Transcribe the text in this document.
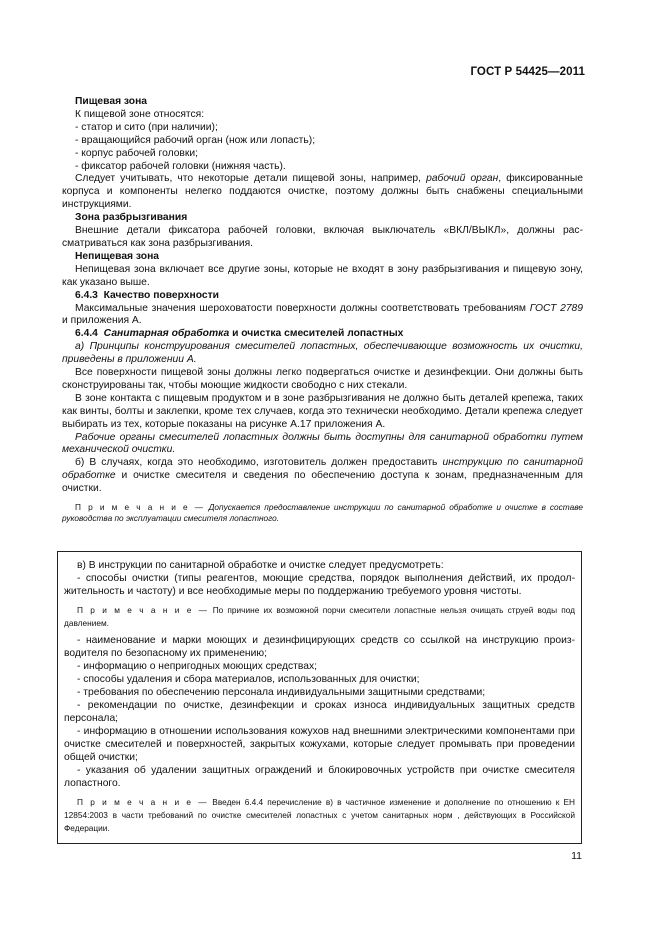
ГОСТ Р 54425—2011

Пищевая зона

К пищевой зоне относятся:

- статор и сито (при наличии);

- вращающийся рабочий орган (нож или лопасть);

- корпус рабочей головки;

- фиксатор рабочей головки (нижняя часть).

Следует учитывать, что некоторые детали пищевой зоны, например, рабочий орган, фиксированные корпуса и компоненты нелегко поддаются очистке, поэтому должны быть снабжены специальными инструкциями.

Зона разбрызгивания

Внешние детали фиксатора рабочей головки, включая выключатель «ВКЛ/ВЫКЛ», должны рассматриваться как зона разбрызгивания.

Непищевая зона

Непищевая зона включает все другие зоны, которые не входят в зону разбрызгивания и пищевую зону, как указано выше.

6.4.3 Качество поверхности

Максимальные значения шероховатости поверхности должны соответствовать требованиям ГОСТ 2789 и приложения А.

6.4.4 Санитарная обработка и очистка смесителей лопастных

а) Принципы конструирования смесителей лопастных, обеспечивающие возможность их очистки, приведены в приложении А.

Все поверхности пищевой зоны должны легко подвергаться очистке и дезинфекции. Они должны быть сконструированы так, чтобы моющие жидкости свободно с них стекали.

В зоне контакта с пищевым продуктом и в зоне разбрызгивания не должно быть деталей крепежа, таких как винты, болты и заклепки, кроме тех случаев, когда это технически необходимо. Детали крепежа следует выбирать из тех, которые показаны на рисунке А.17 приложения А.

Рабочие органы смесителей лопастных должны быть доступны для санитарной обработки путем механической очистки.

б) В случаях, когда это необходимо, изготовитель должен предоставить инструкцию по санитарной обработке и очистке смесителя и сведения по обеспечению доступа к зонам, предназначенным для очистки.

П р и м е ч а н и е — Допускается предоставление инструкции по санитарной обработке и очистке в составе руководства по эксплуатации смесителя лопастного.

в) В инструкции по санитарной обработке и очистке следует предусмотреть:

- способы очистки (типы реагентов, моющие средства, порядок выполнения действий, их продолжительность и частоту) и все необходимые меры по поддержанию требуемого уровня чистоты.

П р и м е ч а н и е — По причине их возможной порчи смесители лопастные нельзя очищать струей воды под давлением.

- наименование и марки моющих и дезинфицирующих средств со ссылкой на инструкцию производителя по безопасному их применению;

- информацию о непригодных моющих средствах;

- способы удаления и сбора материалов, использованных для очистки;

- требования по обеспечению персонала индивидуальными защитными средствами;

- рекомендации по очистке, дезинфекции и сроках износа индивидуальных защитных средств персонала;

- информацию в отношении использования кожухов над внешними электрическими компонентами при очистке смесителей и поверхностей, закрытых кожухами, которые следует промывать при проведении общей очистки;

- указания об удалении защитных ограждений и блокировочных устройств при очистке смесителя лопастного.

П р и м е ч а н и е — Введен 6.4.4 перечисление в) в частичное изменение и дополнение по отношению к ЕН 12854:2003 в части требований по очистке смесителей лопастных с учетом санитарных норм , действующих в Российской Федерации.

11
